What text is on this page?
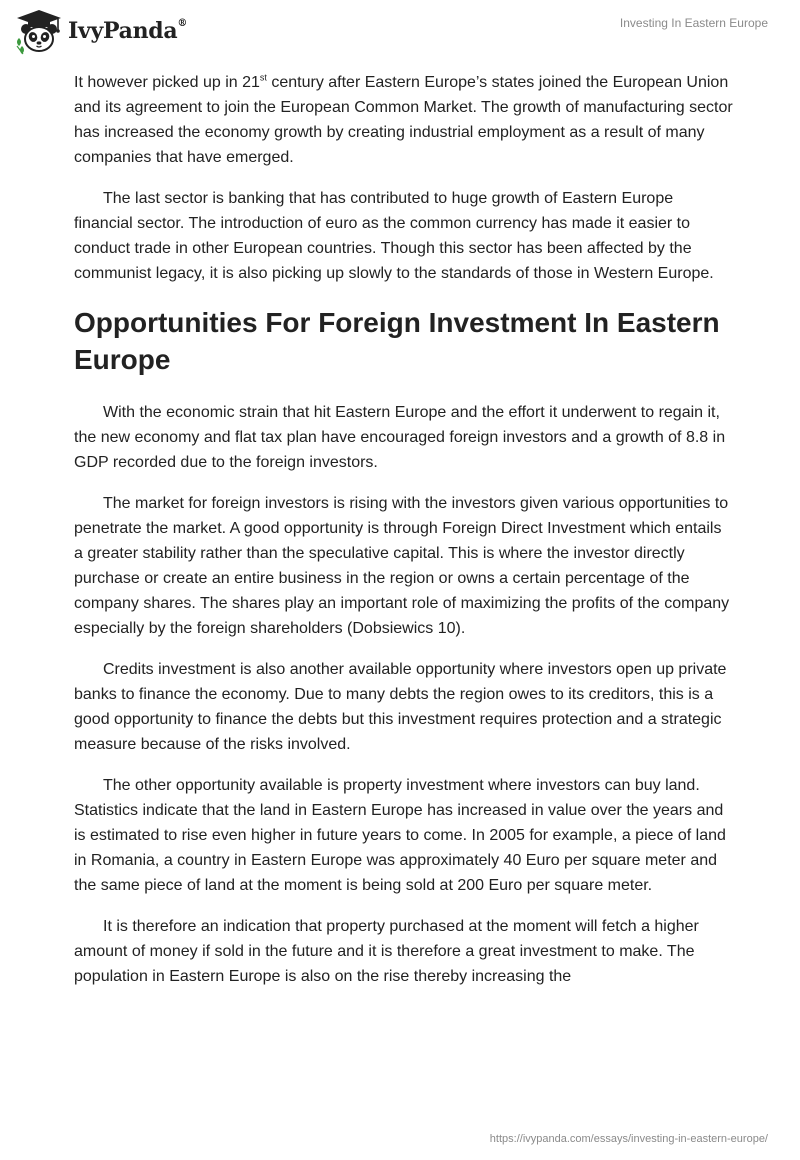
IvyPanda®	Investing In Eastern Europe

It however picked up in 21st century after Eastern Europe’s states joined the European Union and its agreement to join the European Common Market. The growth of manufacturing sector has increased the economy growth by creating industrial employment as a result of many companies that have emerged.

The last sector is banking that has contributed to huge growth of Eastern Europe financial sector. The introduction of euro as the common currency has made it easier to conduct trade in other European countries. Though this sector has been affected by the communist legacy, it is also picking up slowly to the standards of those in Western Europe.

Opportunities For Foreign Investment In Eastern Europe

With the economic strain that hit Eastern Europe and the effort it underwent to regain it, the new economy and flat tax plan have encouraged foreign investors and a growth of 8.8 in GDP recorded due to the foreign investors.

The market for foreign investors is rising with the investors given various opportunities to penetrate the market. A good opportunity is through Foreign Direct Investment which entails a greater stability rather than the speculative capital. This is where the investor directly purchase or create an entire business in the region or owns a certain percentage of the company shares. The shares play an important role of maximizing the profits of the company especially by the foreign shareholders (Dobsiewics 10).

Credits investment is also another available opportunity where investors open up private banks to finance the economy. Due to many debts the region owes to its creditors, this is a good opportunity to finance the debts but this investment requires protection and a strategic measure because of the risks involved.

The other opportunity available is property investment where investors can buy land. Statistics indicate that the land in Eastern Europe has increased in value over the years and is estimated to rise even higher in future years to come. In 2005 for example, a piece of land in Romania, a country in Eastern Europe was approximately 40 Euro per square meter and the same piece of land at the moment is being sold at 200 Euro per square meter.

It is therefore an indication that property purchased at the moment will fetch a higher amount of money if sold in the future and it is therefore a great investment to make. The population in Eastern Europe is also on the rise thereby increasing the

https://ivypanda.com/essays/investing-in-eastern-europe/
